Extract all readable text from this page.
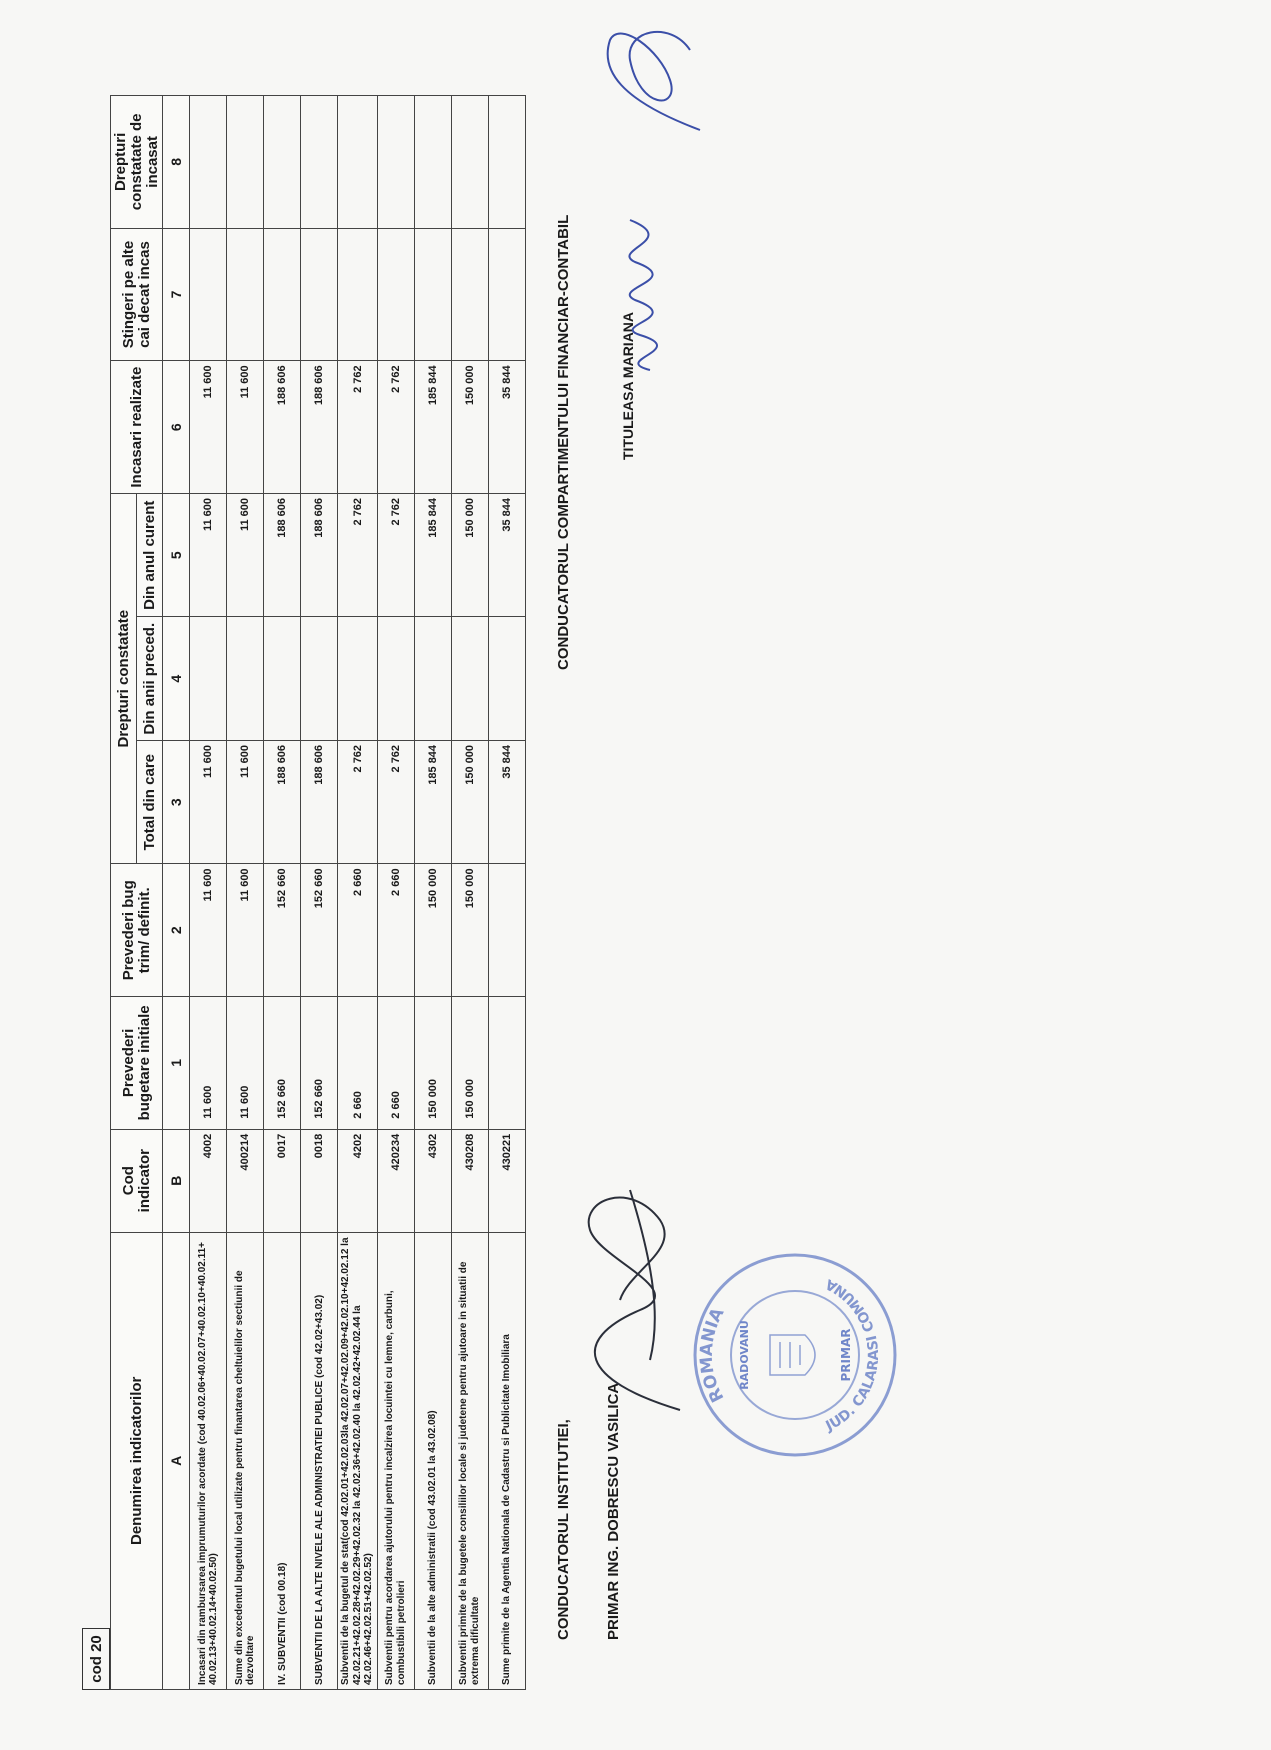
cod 20
Denumirea indicatorilor	Cod indicator	Prevederi bugetare initiale	Prevederi bug trim/ definit.	Drepturi constatate			Incasari realizate	Stingeri pe alte cai decat incas	Drepturi constatate de incasat
				Total din care	Din anii preced.	Din anul curent			
A	B	1	2	3	4	5	6	7	8
Incasari din rambursarea imprumuturilor acordate (cod 40.02.06+40.02.07+40.02.10+40.02.11+ 40.02.13+40.02.14+40.02.50)	4002	11 600	11 600	11 600		11 600	11 600		
Sume din excedentul bugetului local utilizate pentru finantarea cheltuielilor sectiunii de dezvoltare	400214	11 600	11 600	11 600		11 600	11 600		
IV. SUBVENTII (cod 00.18)	0017	152 660	152 660	188 606		188 606	188 606		
SUBVENTII DE LA ALTE NIVELE ALE ADMINISTRATIEI PUBLICE (cod 42.02+43.02)	0018	152 660	152 660	188 606		188 606	188 606		
Subventii de la bugetul de stat(cod 42.02.01+42.02.03la 42.02.07+42.02.09+42.02.10+42.02.12 la 42.02.21+42.02.28+42.02.29+42.02.32 la 42.02.36+42.02.40 la 42.02.42+42.02.44 la 42.02.46+42.02.51+42.02.52)	4202	2 660	2 660	2 762		2 762	2 762		
Subventii pentru acordarea ajutorului pentru incalzirea locuintei cu lemne, carbuni, combustibili petrolieri	420234	2 660	2 660	2 762		2 762	2 762		
Subventii de la alte administratii (cod 43.02.01 la 43.02.08)	4302	150 000	150 000	185 844		185 844	185 844		
Subventii primite de la bugetele consiliilor locale si judetene pentru ajutoare in situatii de extrema dificultate	430208	150 000	150 000	150 000		150 000	150 000		
Sume primite de la Agentia Nationala de Cadastru si Publicitate Imobiliara	430221			35 844		35 844	35 844		
CONDUCATORUL INSTITUTIEI, PRIMAR ING. DOBRESCU VASILICA
CONDUCATORUL COMPARTIMENTULUI FINANCIAR-CONTABIL	TITULEASA MARIANA
ROMANIA
JUD. CALARASI COMUNA
RADOVANU	PRIMAR
